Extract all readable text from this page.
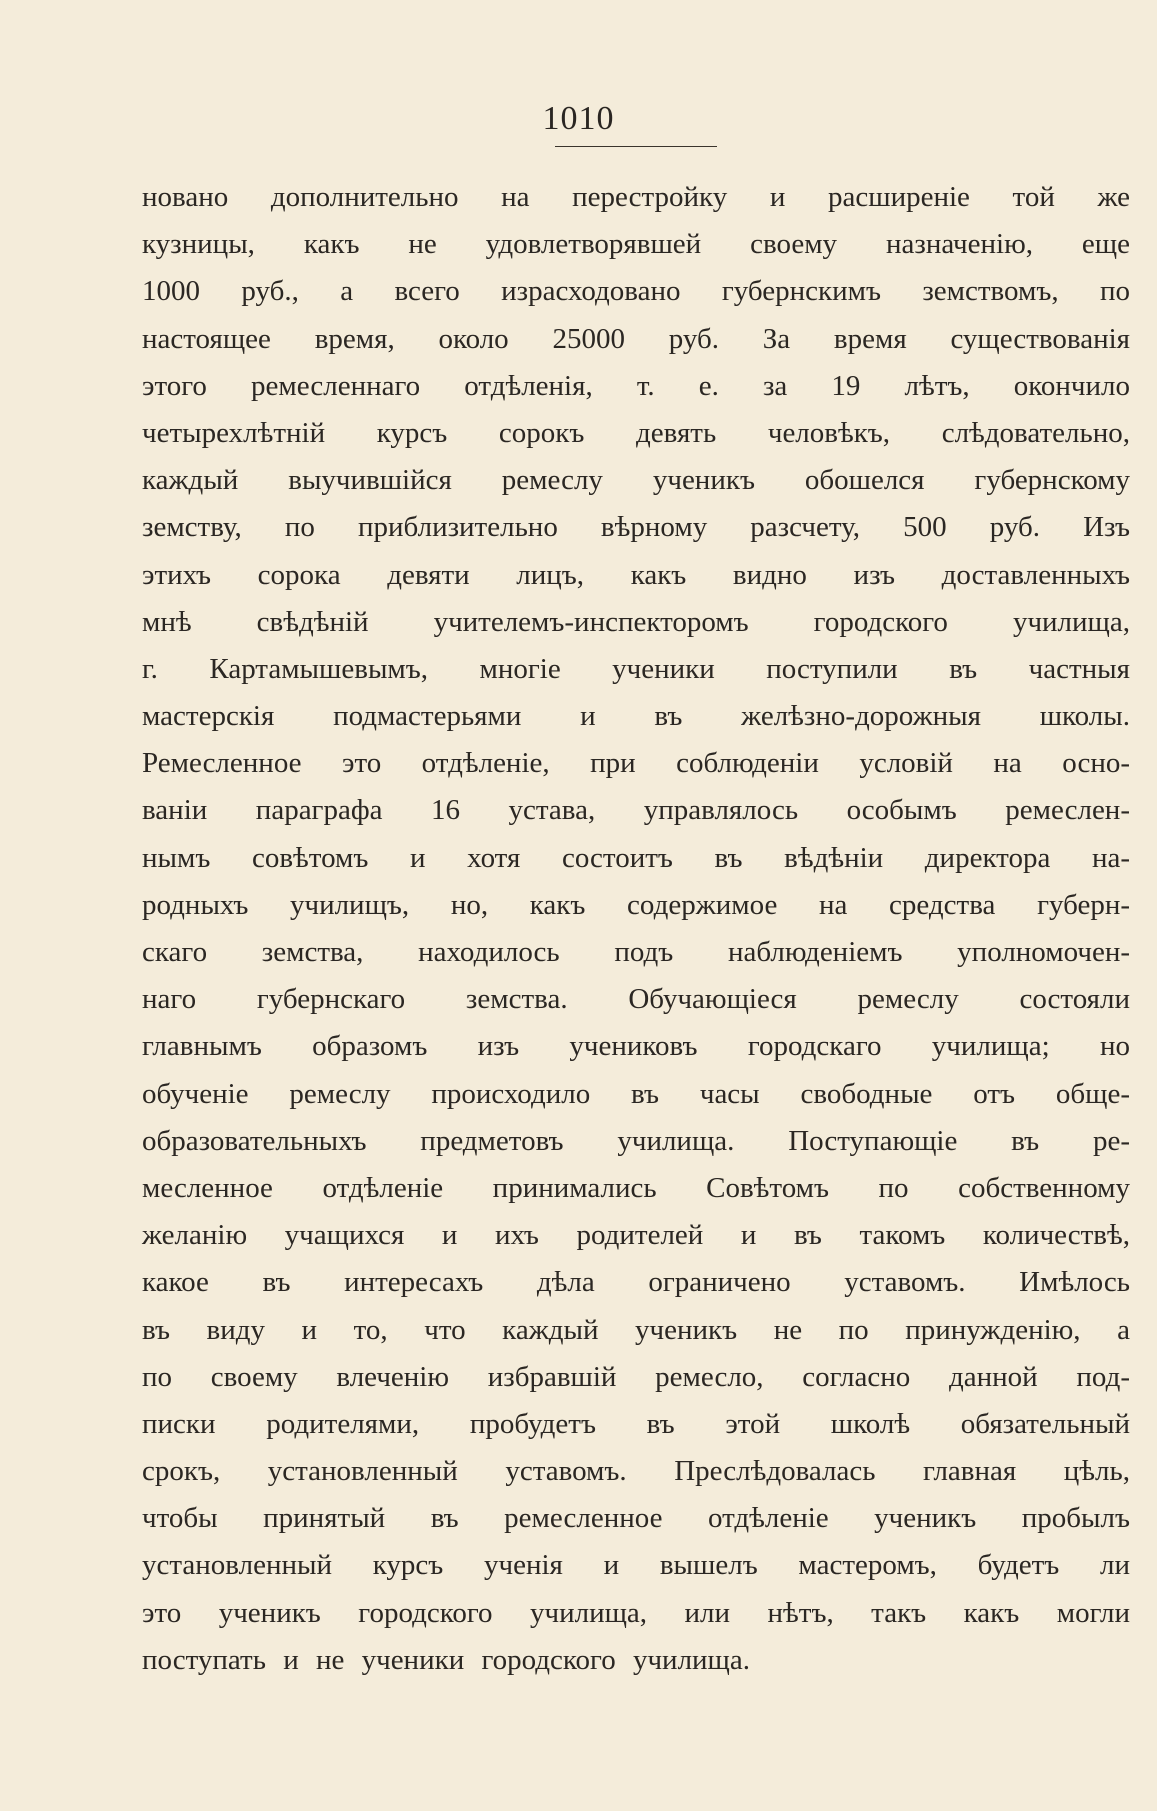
1010
новано дополнительно на перестройку и расширеніе той же
кузницы, какъ не удовлетворявшей своему назначенію, еще
1000 руб., а всего израсходовано губернскимъ земствомъ, по
настоящее время, около 25000 руб. За время существованія
этого ремесленнаго отдѣленія, т. е. за 19 лѣтъ, окончило
четырехлѣтній курсъ сорокъ девять человѣкъ, слѣдовательно,
каждый выучившійся ремеслу ученикъ обошелся губернскому
земству, по приблизительно вѣрному разсчету, 500 руб. Изъ
этихъ сорока девяти лицъ, какъ видно изъ доставленныхъ
мнѣ свѣдѣній учителемъ-инспекторомъ городского училища,
г. Картамышевымъ, многіе ученики поступили въ частныя
мастерскія подмастерьями и въ желѣзно-дорожныя школы.
Ремесленное это отдѣленіе, при соблюденіи условій на осно-
ваніи параграфа 16 устава, управлялось особымъ ремеслен-
нымъ совѣтомъ и хотя состоитъ въ вѣдѣніи директора на-
родныхъ училищъ, но, какъ содержимое на средства губерн-
скаго земства, находилось подъ наблюденіемъ уполномочен-
наго губернскаго земства. Обучающіеся ремеслу состояли
главнымъ образомъ изъ учениковъ городскаго училища; но
обученіе ремеслу происходило въ часы свободные отъ обще-
образовательныхъ предметовъ училища. Поступающіе въ ре-
месленное отдѣленіе принимались Совѣтомъ по собственному
желанію учащихся и ихъ родителей и въ такомъ количествѣ,
какое въ интересахъ дѣла ограничено уставомъ. Имѣлось
въ виду и то, что каждый ученикъ не по принужденію, а
по своему влеченію избравшій ремесло, согласно данной под-
писки родителями, пробудетъ въ этой школѣ обязательный
срокъ, установленный уставомъ. Преслѣдовалась главная цѣль,
чтобы принятый въ ремесленное отдѣленіе ученикъ пробылъ
установленный курсъ ученія и вышелъ мастеромъ, будетъ ли
это ученикъ городского училища, или нѣтъ, такъ какъ могли
поступать и не ученики городского училища.
